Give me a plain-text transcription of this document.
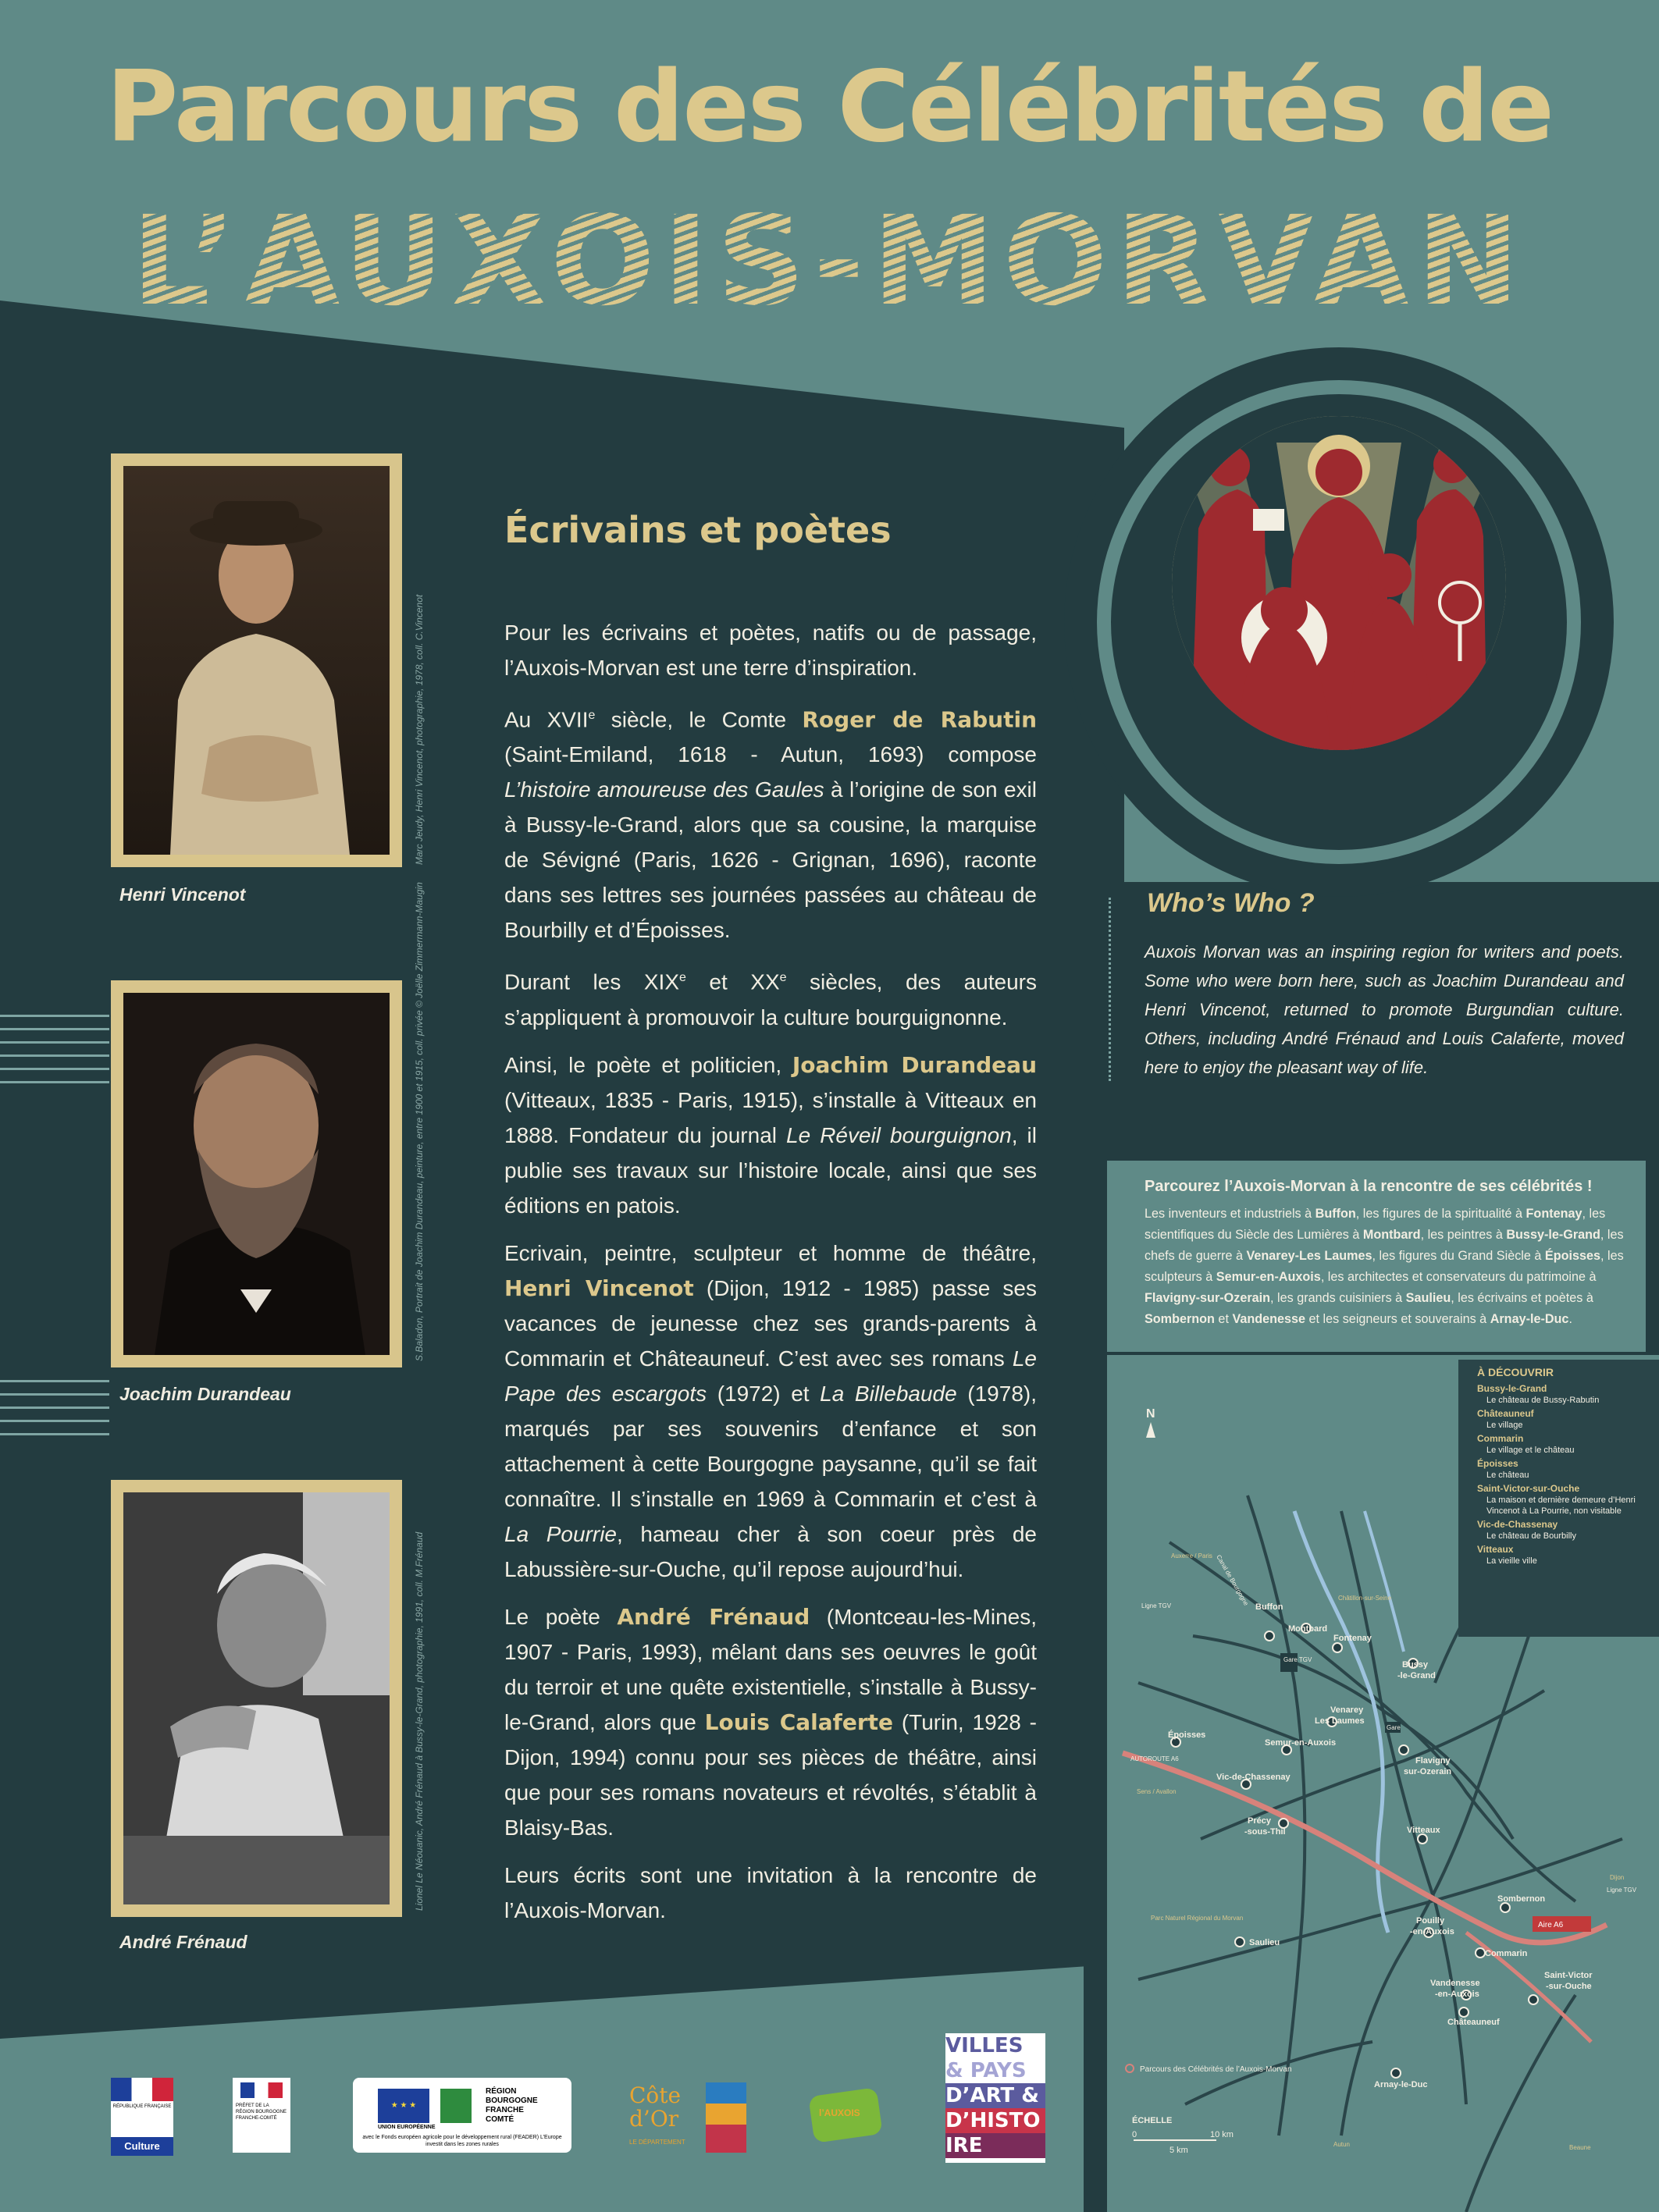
Parcours des Célébrités de
L’AUXOIS-MORVAN
Marc Jeudy, Henri Vincenot, photographie, 1978, coll. C.Vincenot
Henri Vincenot	S.Baladon, Portrait de Joachim Durandeau, peinture, entre 1900 et 1915, coll. privée © Joëlle Zimmermann-Maugin
Joachim Durandeau
Lionel Le Néouanic, André Frénaud à Bussy-le-Grand, photographie, 1991, coll. M.Frénaud
André Frénaud
Écrivains et poètes

Pour les écrivains et poètes, natifs ou de passage, l’Auxois-Morvan est une terre d’inspiration.

Au XVIIe siècle, le Comte Roger de Rabutin (Saint-Emiland, 1618 - Autun, 1693) compose L’histoire amoureuse des Gaules à l’origine de son exil à Bussy-le-Grand, alors que sa cousine, la marquise de Sévigné (Paris, 1626 - Grignan, 1696), raconte dans ses lettres ses journées passées au château de Bourbilly et d’Époisses.

Durant les XIXe et XXe siècles, des auteurs s’appliquent à promouvoir la culture bourguignonne.

Ainsi, le poète et politicien, Joachim Durandeau (Vitteaux, 1835 - Paris, 1915), s’installe à Vitteaux en 1888. Fondateur du journal Le Réveil bourguignon, il publie ses travaux sur l’histoire locale, ainsi que ses éditions en patois.

Ecrivain, peintre, sculpteur et homme de théâtre, Henri Vincenot (Dijon, 1912 - 1985) passe ses vacances de jeunesse chez ses grands-parents à Commarin et Châteauneuf. C’est avec ses romans Le Pape des escargots (1972) et La Billebaude (1978), marqués par ses souvenirs d’enfance et son attachement à cette Bourgogne paysanne, qu’il se fait connaître. Il s’installe en 1969 à Commarin et c’est à La Pourrie, hameau cher à son coeur près de Labussière-sur-Ouche, qu’il repose aujourd’hui.

Le poète André Frénaud (Montceau-les-Mines, 1907 - Paris, 1993), mêlant dans ses oeuvres le goût du terroir et une quête existentielle, s’installe à Bussy-le-Grand, alors que Louis Calaferte (Turin, 1928 - Dijon, 1994) connu pour ses pièces de théâtre, ainsi que pour ses romans novateurs et révoltés, s’établit à Blaisy-Bas.

Leurs écrits sont une invitation à la rencontre de l’Auxois-Morvan.

Who’s Who ?
Auxois Morvan was an inspiring region for writers and poets. Some who were born here, such as Joachim Durandeau and Henri Vincenot, returned to promote Burgundian culture. Others, including André Frénaud and Louis Calaferte, moved here to enjoy the pleasant way of life.
Parcourez l’Auxois-Morvan à la rencontre de ses célébrités !
Les inventeurs et industriels à Buffon, les figures de la spiritualité à Fontenay, les scientifiques du Siècle des Lumières à Montbard, les peintres à Bussy-le-Grand, les chefs de guerre à Venarey-Les Laumes, les figures du Grand Siècle à Époisses, les sculpteurs à Semur-en-Auxois, les architectes et conservateurs du patrimoine à Flavigny-sur-Ozerain, les grands cuisiniers à Saulieu, les écrivains et poètes à Sombernon et Vandenesse et les seigneurs et souverains à Arnay-le-Duc.
Aire A6
Buffon
Montbard
Fontenay
Bussy
-le-Grand
Venarey
Les Laumes
Époisses
Semur-en-Auxois
Flavigny
sur-Ozerain
Vic-de-Chassenay
Précy
-sous-Thil	Vitteaux
Sombernon
Saulieu
Pouilly
-en-Auxois
Commarin
Vandenesse
-en-Auxois
Châteauneuf
Saint-Victor
-sur-Ouche
Arnay-le-Duc
Gare TGV
Gare
Châtillon-sur-Seine
Auxerre / Paris
Ligne TGV
AUTOROUTE A6
Sens / Avallon
Parc Naturel Régional du Morvan
Dijon
Ligne TGV
Autun	Beaune
Canal de Bourgogne
N
Parcours des Célébrités de l’Auxois-Morvan
ÉCHELLE
0
5 km
10 km
À DÉCOUVRIR
Bussy-le-Grand
Le château de Bussy-Rabutin
Châteauneuf
Le village
Commarin
Le village et le château
Époisses
Le château
Saint-Victor-sur-Ouche
La maison et dernière demeure d’Henri Vincenot à La Pourrie, non visitable
Vic-de-Chassenay
Le château de Bourbilly
Vitteaux
La vieille ville
RÉPUBLIQUE FRANÇAISE
Culture
PRÉFET DE LA RÉGION BOURGOGNE FRANCHE-COMTÉ
★ ★ ★
UNION EUROPÉENNE
RÉGION
BOURGOGNE
FRANCHE
COMTÉ
avec le Fonds européen agricole pour le développement rural (FEADER) L’Europe investit dans les zones rurales
Côte
d’Or
LE DÉPARTEMENT
l’AUXOIS
VILLES
& PAYS
D’ART &
D’HISTO
IRE
